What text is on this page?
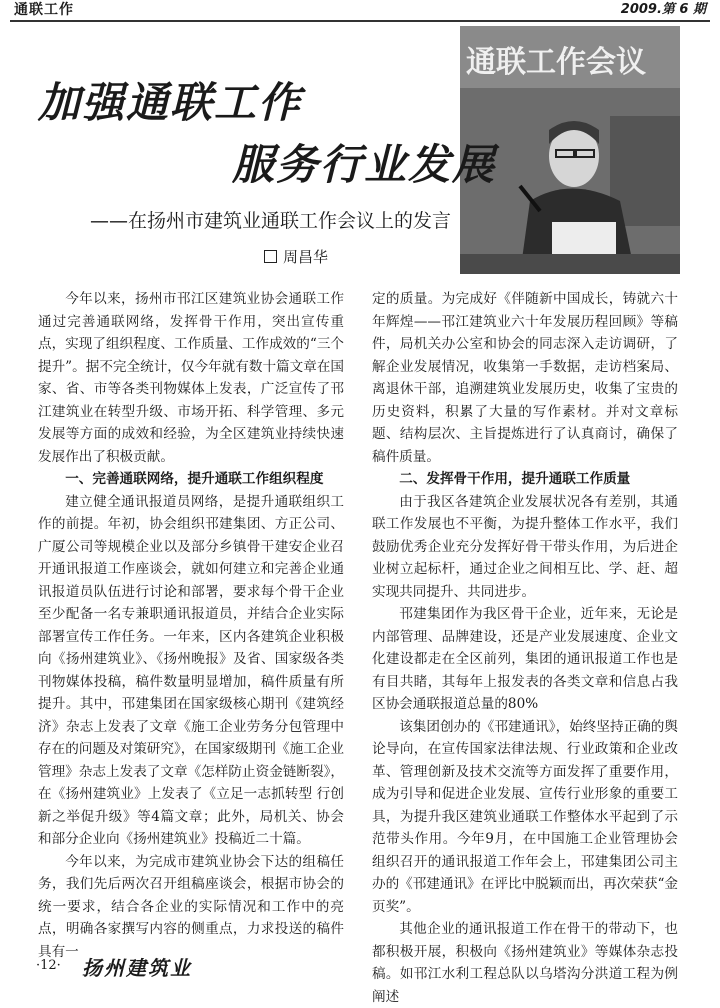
通联工作	2009.第 6 期
通联工作会议
加强通联工作
服务行业发展
——在扬州市建筑业通联工作会议上的发言
周昌华

今年以来，扬州市邗江区建筑业协会通联工作通过完善通联网络，发挥骨干作用，突出宣传重点，实现了组织程度、工作质量、工作成效的“三个提升”。据不完全统计，仅今年就有数十篇文章在国家、省、市等各类刊物媒体上发表，广泛宣传了邗江建筑业在转型升级、市场开拓、科学管理、多元发展等方面的成效和经验，为全区建筑业持续快速发展作出了积极贡献。

一、完善通联网络，提升通联工作组织程度

建立健全通讯报道员网络，是提升通联组织工作的前提。年初，协会组织邗建集团、方正公司、广厦公司等规模企业以及部分乡镇骨干建安企业召开通讯报道工作座谈会，就如何建立和完善企业通讯报道员队伍进行讨论和部署，要求每个骨干企业至少配备一名专兼职通讯报道员，并结合企业实际部署宣传工作任务。一年来，区内各建筑企业积极向《扬州建筑业》、《扬州晚报》及省、国家级各类刊物媒体投稿，稿件数量明显增加，稿件质量有所提升。其中，邗建集团在国家级核心期刊《建筑经济》杂志上发表了文章《施工企业劳务分包管理中存在的问题及对策研究》，在国家级期刊《施工企业管理》杂志上发表了文章《怎样防止资金链断裂》，在《扬州建筑业》上发表了《立足一志抓转型 行创新之举促升级》等4篇文章；此外，局机关、协会和部分企业向《扬州建筑业》投稿近二十篇。

今年以来，为完成市建筑业协会下达的组稿任务，我们先后两次召开组稿座谈会，根据市协会的统一要求，结合各企业的实际情况和工作中的亮点，明确各家撰写内容的侧重点，力求投送的稿件具有一

定的质量。为完成好《伴随新中国成长，铸就六十年辉煌——邗江建筑业六十年发展历程回顾》等稿件，局机关办公室和协会的同志深入走访调研，了解企业发展情况，收集第一手数据，走访档案局、离退休干部，追溯建筑业发展历史，收集了宝贵的历史资料，积累了大量的写作素材。并对文章标题、结构层次、主旨提炼进行了认真商讨，确保了稿件质量。

二、发挥骨干作用，提升通联工作质量

由于我区各建筑企业发展状况各有差别，其通联工作发展也不平衡，为提升整体工作水平，我们鼓励优秀企业充分发挥好骨干带头作用，为后进企业树立起标杆，通过企业之间相互比、学、赶、超实现共同提升、共同进步。

邗建集团作为我区骨干企业，近年来，无论是内部管理、品牌建设，还是产业发展速度、企业文化建设都走在全区前列，集团的通讯报道工作也是有目共睹，其每年上报发表的各类文章和信息占我区协会通联报道总量的80%

该集团创办的《邗建通讯》，始终坚持正确的舆论导向，在宣传国家法律法规、行业政策和企业改革、管理创新及技术交流等方面发挥了重要作用，成为引导和促进企业发展、宣传行业形象的重要工具，为提升我区建筑业通联工作整体水平起到了示范带头作用。今年9月，在中国施工企业管理协会组织召开的通讯报道工作年会上，邗建集团公司主办的《邗建通讯》在评比中脱颖而出，再次荣获“金页奖”。

其他企业的通讯报道工作在骨干的带动下，也都积极开展，积极向《扬州建筑业》等媒体杂志投稿。如邗江水利工程总队以乌塔沟分洪道工程为例阐述

·12· 扬州建筑业
